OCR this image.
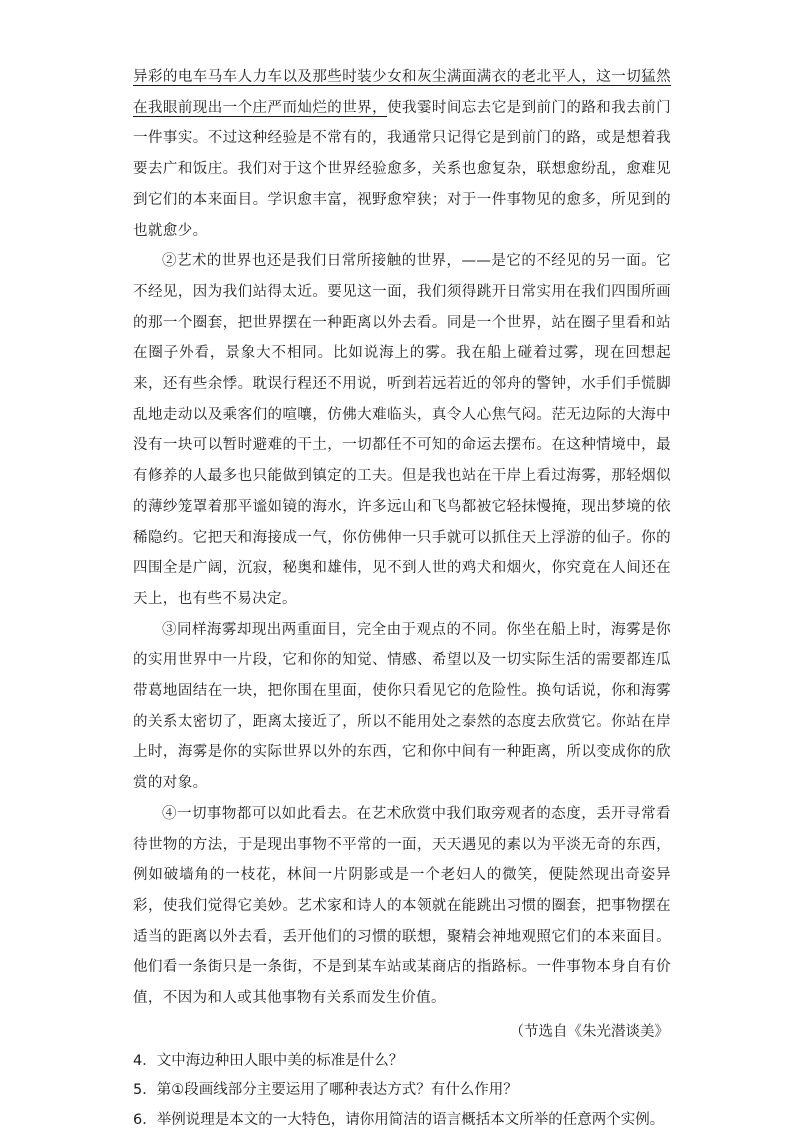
异彩的电车马车人力车以及那些时装少女和灰尘满面满衣的老北平人，这一切猛然在我眼前现出一个庄严而灿烂的世界，使我霎时间忘去它是到前门的路和我去前门一件事实。不过这种经验是不常有的，我通常只记得它是到前门的路，或是想着我要去广和饭庄。我们对于这个世界经验愈多，关系也愈复杂，联想愈纷乱，愈难见到它们的本来面目。学识愈丰富，视野愈窄狭；对于一件事物见的愈多，所见到的也就愈少。

②艺术的世界也还是我们日常所接触的世界，——是它的不经见的另一面。它不经见，因为我们站得太近。要见这一面，我们须得跳开日常实用在我们四围所画的那一个圈套，把世界摆在一种距离以外去看。同是一个世界，站在圈子里看和站在圈子外看，景象大不相同。比如说海上的雾。我在船上碰着过雾，现在回想起来，还有些余悸。耽误行程还不用说，听到若远若近的邻舟的警钟，水手们手慌脚乱地走动以及乘客们的喧嚷，仿佛大难临头，真令人心焦气闷。茫无边际的大海中没有一块可以暂时避难的干土，一切都任不可知的命运去摆布。在这种情境中，最有修养的人最多也只能做到镇定的工夫。但是我也站在干岸上看过海雾，那轻烟似的薄纱笼罩着那平谧如镜的海水，许多远山和飞鸟都被它轻抹慢掩，现出梦境的依稀隐约。它把天和海接成一气，你仿佛伸一只手就可以抓住天上浮游的仙子。你的四围全是广阔，沉寂，秘奥和雄伟，见不到人世的鸡犬和烟火，你究竟在人间还在天上，也有些不易决定。

③同样海雾却现出两重面目，完全由于观点的不同。你坐在船上时，海雾是你的实用世界中一片段，它和你的知觉、情感、希望以及一切实际生活的需要都连瓜带葛地固结在一块，把你围在里面，使你只看见它的危险性。换句话说，你和海雾的关系太密切了，距离太接近了，所以不能用处之泰然的态度去欣赏它。你站在岸上时，海雾是你的实际世界以外的东西，它和你中间有一种距离，所以变成你的欣赏的对象。

④一切事物都可以如此看去。在艺术欣赏中我们取旁观者的态度，丢开寻常看待世物的方法，于是现出事物不平常的一面，天天遇见的素以为平淡无奇的东西，例如破墙角的一枝花，林间一片阴影或是一个老妇人的微笑，便陡然现出奇姿异彩，使我们觉得它美妙。艺术家和诗人的本领就在能跳出习惯的圈套，把事物摆在适当的距离以外去看，丢开他们的习惯的联想，聚精会神地观照它们的本来面目。他们看一条街只是一条街，不是到某车站或某商店的指路标。一件事物本身自有价值，不因为和人或其他事物有关系而发生价值。

（节选自《朱光潜谈美》

4．文中海边种田人眼中美的标准是什么？

5．第①段画线部分主要运用了哪种表达方式？有什么作用？

6．举例说理是本文的一大特色，请你用简洁的语言概括本文所举的任意两个实例。
